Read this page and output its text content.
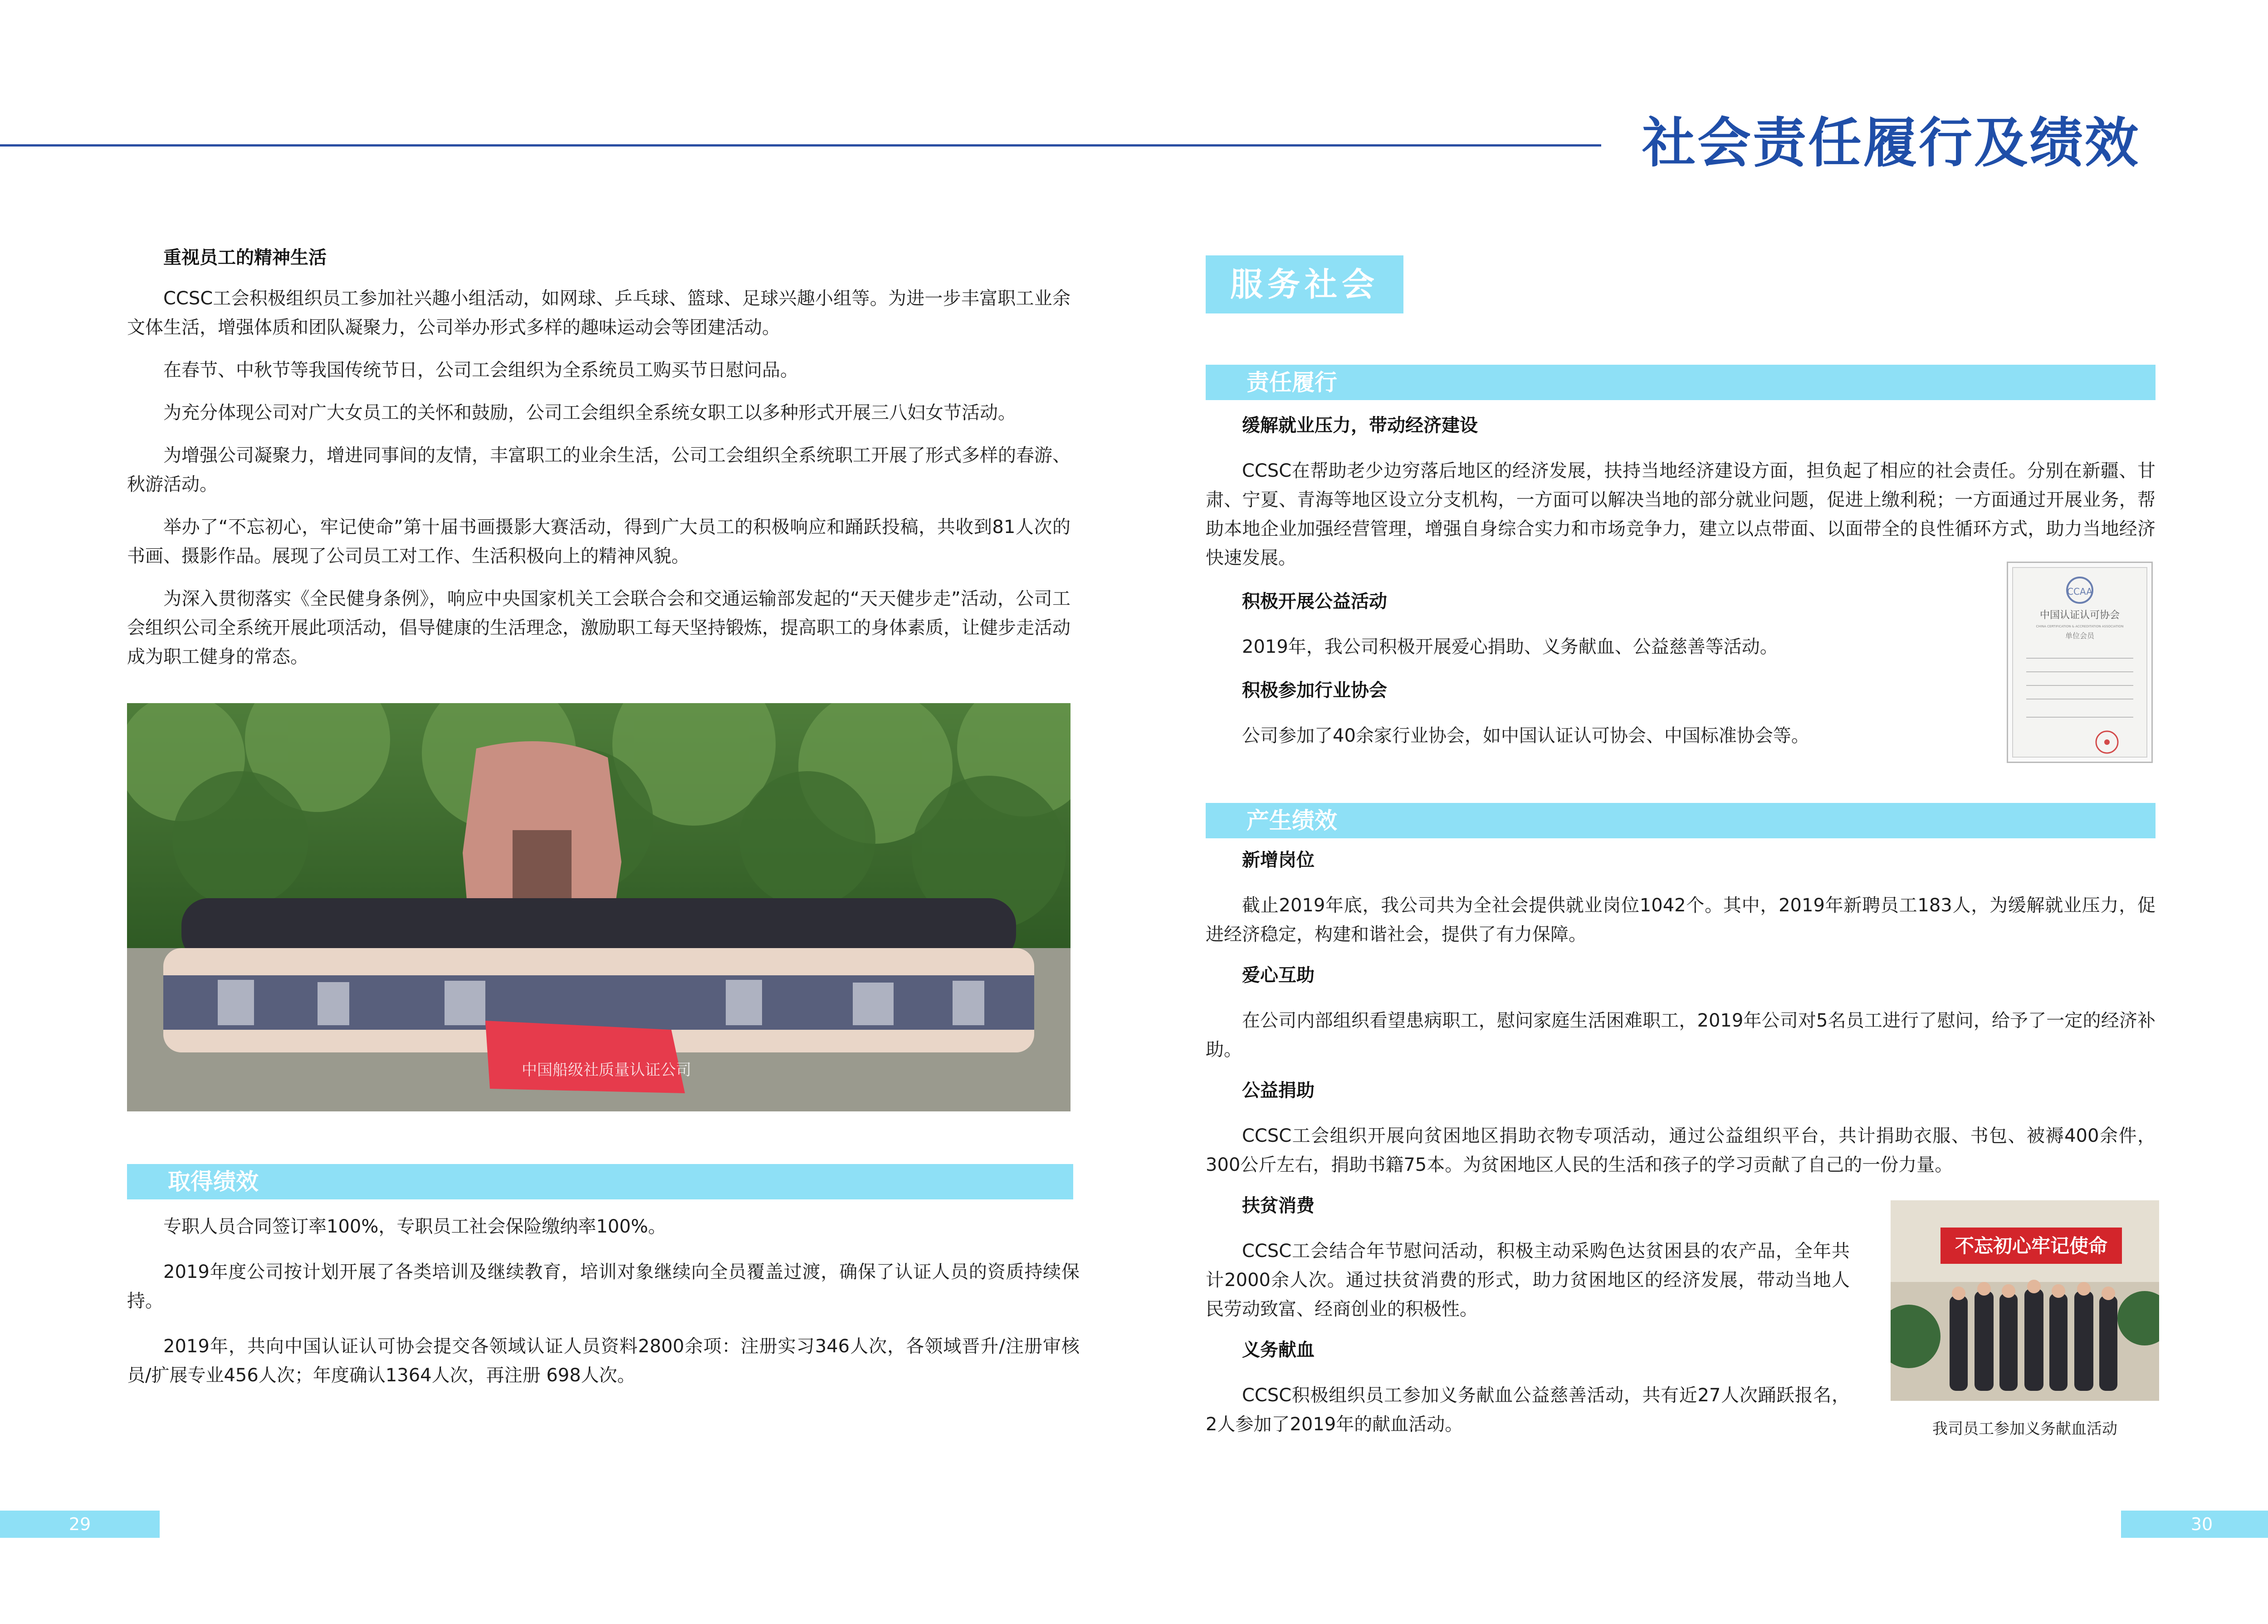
社会责任履行及绩效

重视员工的精神生活

CCSC工会积极组织员工参加社兴趣小组活动，如网球、乒乓球、篮球、足球兴趣小组等。为进一步丰富职工业余文体生活，增强体质和团队凝聚力，公司举办形式多样的趣味运动会等团建活动。

在春节、中秋节等我国传统节日，公司工会组织为全系统员工购买节日慰问品。

为充分体现公司对广大女员工的关怀和鼓励，公司工会组织全系统女职工以多种形式开展三八妇女节活动。

为增强公司凝聚力，增进同事间的友情，丰富职工的业余生活，公司工会组织全系统职工开展了形式多样的春游、秋游活动。

举办了“不忘初心，牢记使命”第十届书画摄影大赛活动，得到广大员工的积极响应和踊跃投稿，共收到81人次的书画、摄影作品。展现了公司员工对工作、生活积极向上的精神风貌。

为深入贯彻落实《全民健身条例》，响应中央国家机关工会联合会和交通运输部发起的“天天健步走”活动，公司工会组织公司全系统开展此项活动，倡导健康的生活理念，激励职工每天坚持锻炼，提高职工的身体素质，让健步走活动成为职工健身的常态。

中国船级社质量认证公司
取得绩效

专职人员合同签订率100%，专职员工社会保险缴纳率100%。

2019年度公司按计划开展了各类培训及继续教育，培训对象继续向全员覆盖过渡，确保了认证人员的资质持续保持。

2019年，共向中国认证认可协会提交各领域认证人员资料2800余项：注册实习346人次，各领域晋升/注册审核员/扩展专业456人次；年度确认1364人次，再注册 698人次。

29
服务社会
责任履行

缓解就业压力，带动经济建设

CCSC在帮助老少边穷落后地区的经济发展，扶持当地经济建设方面，担负起了相应的社会责任。分别在新疆、甘肃、宁夏、青海等地区设立分支机构，一方面可以解决当地的部分就业问题，促进上缴利税；一方面通过开展业务，帮助本地企业加强经营管理，增强自身综合实力和市场竞争力，建立以点带面、以面带全的良性循环方式，助力当地经济快速发展。

积极开展公益活动

2019年，我公司积极开展爱心捐助、义务献血、公益慈善等活动。

积极参加行业协会

公司参加了40余家行业协会，如中国认证认可协会、中国标准协会等。

CCAA
中国认证认可协会
CHINA CERTIFICATION & ACCREDITATION ASSOCIATION
单位会员
产生绩效

新增岗位

截止2019年底，我公司共为全社会提供就业岗位1042个。其中，2019年新聘员工183人，为缓解就业压力，促进经济稳定，构建和谐社会，提供了有力保障。

爱心互助

在公司内部组织看望患病职工，慰问家庭生活困难职工，2019年公司对5名员工进行了慰问，给予了一定的经济补助。

公益捐助

CCSC工会组织开展向贫困地区捐助衣物专项活动，通过公益组织平台，共计捐助衣服、书包、被褥400余件，300公斤左右，捐助书籍75本。为贫困地区人民的生活和孩子的学习贡献了自己的一份力量。

扶贫消费

CCSC工会结合年节慰问活动，积极主动采购色达贫困县的农产品，全年共计2000余人次。通过扶贫消费的形式，助力贫困地区的经济发展，带动当地人民劳动致富、经商创业的积极性。

义务献血

CCSC积极组织员工参加义务献血公益慈善活动，共有近27人次踊跃报名，2人参加了2019年的献血活动。

不忘初心牢记使命
我司员工参加义务献血活动
30
